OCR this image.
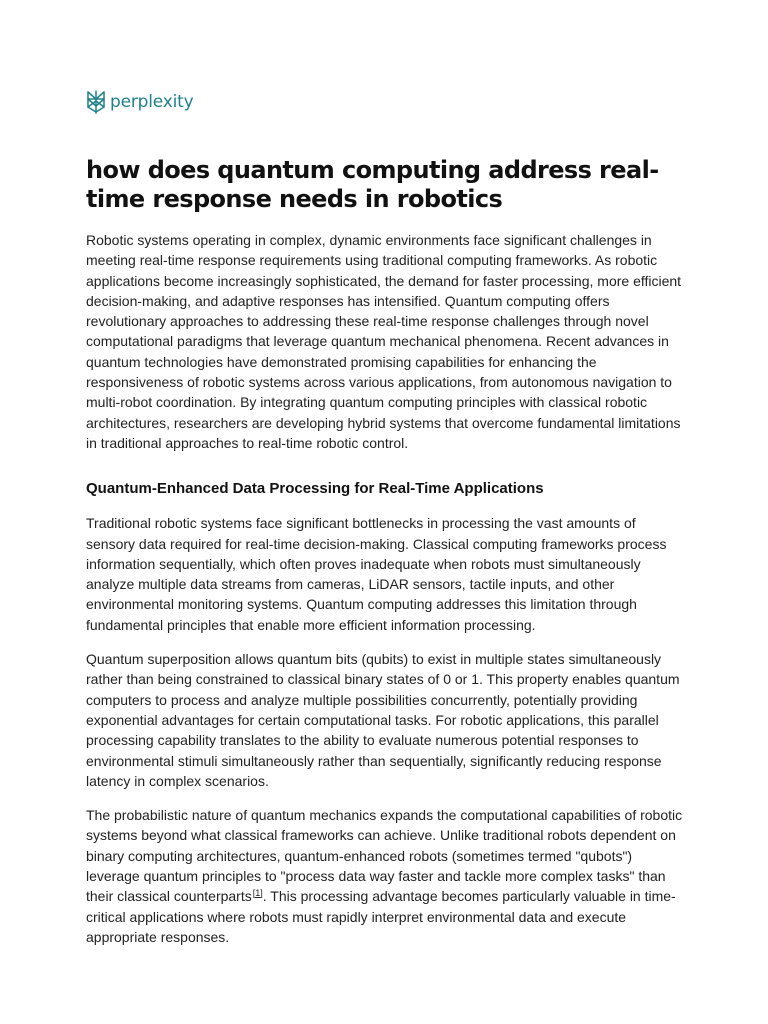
perplexity
how does quantum computing address real-time response needs in robotics

Robotic systems operating in complex, dynamic environments face significant challenges in meeting real-time response requirements using traditional computing frameworks. As robotic applications become increasingly sophisticated, the demand for faster processing, more efficient decision-making, and adaptive responses has intensified. Quantum computing offers revolutionary approaches to addressing these real-time response challenges through novel computational paradigms that leverage quantum mechanical phenomena. Recent advances in quantum technologies have demonstrated promising capabilities for enhancing the responsiveness of robotic systems across various applications, from autonomous navigation to multi-robot coordination. By integrating quantum computing principles with classical robotic architectures, researchers are developing hybrid systems that overcome fundamental limitations in traditional approaches to real-time robotic control.

Quantum-Enhanced Data Processing for Real-Time Applications

Traditional robotic systems face significant bottlenecks in processing the vast amounts of sensory data required for real-time decision-making. Classical computing frameworks process information sequentially, which often proves inadequate when robots must simultaneously analyze multiple data streams from cameras, LiDAR sensors, tactile inputs, and other environmental monitoring systems. Quantum computing addresses this limitation through fundamental principles that enable more efficient information processing.

Quantum superposition allows quantum bits (qubits) to exist in multiple states simultaneously rather than being constrained to classical binary states of 0 or 1. This property enables quantum computers to process and analyze multiple possibilities concurrently, potentially providing exponential advantages for certain computational tasks. For robotic applications, this parallel processing capability translates to the ability to evaluate numerous potential responses to environmental stimuli simultaneously rather than sequentially, significantly reducing response latency in complex scenarios.

The probabilistic nature of quantum mechanics expands the computational capabilities of robotic systems beyond what classical frameworks can achieve. Unlike traditional robots dependent on binary computing architectures, quantum-enhanced robots (sometimes termed "qubots") leverage quantum principles to "process data way faster and tackle more complex tasks" than their classical counterparts[1]. This processing advantage becomes particularly valuable in time-critical applications where robots must rapidly interpret environmental data and execute appropriate responses.
